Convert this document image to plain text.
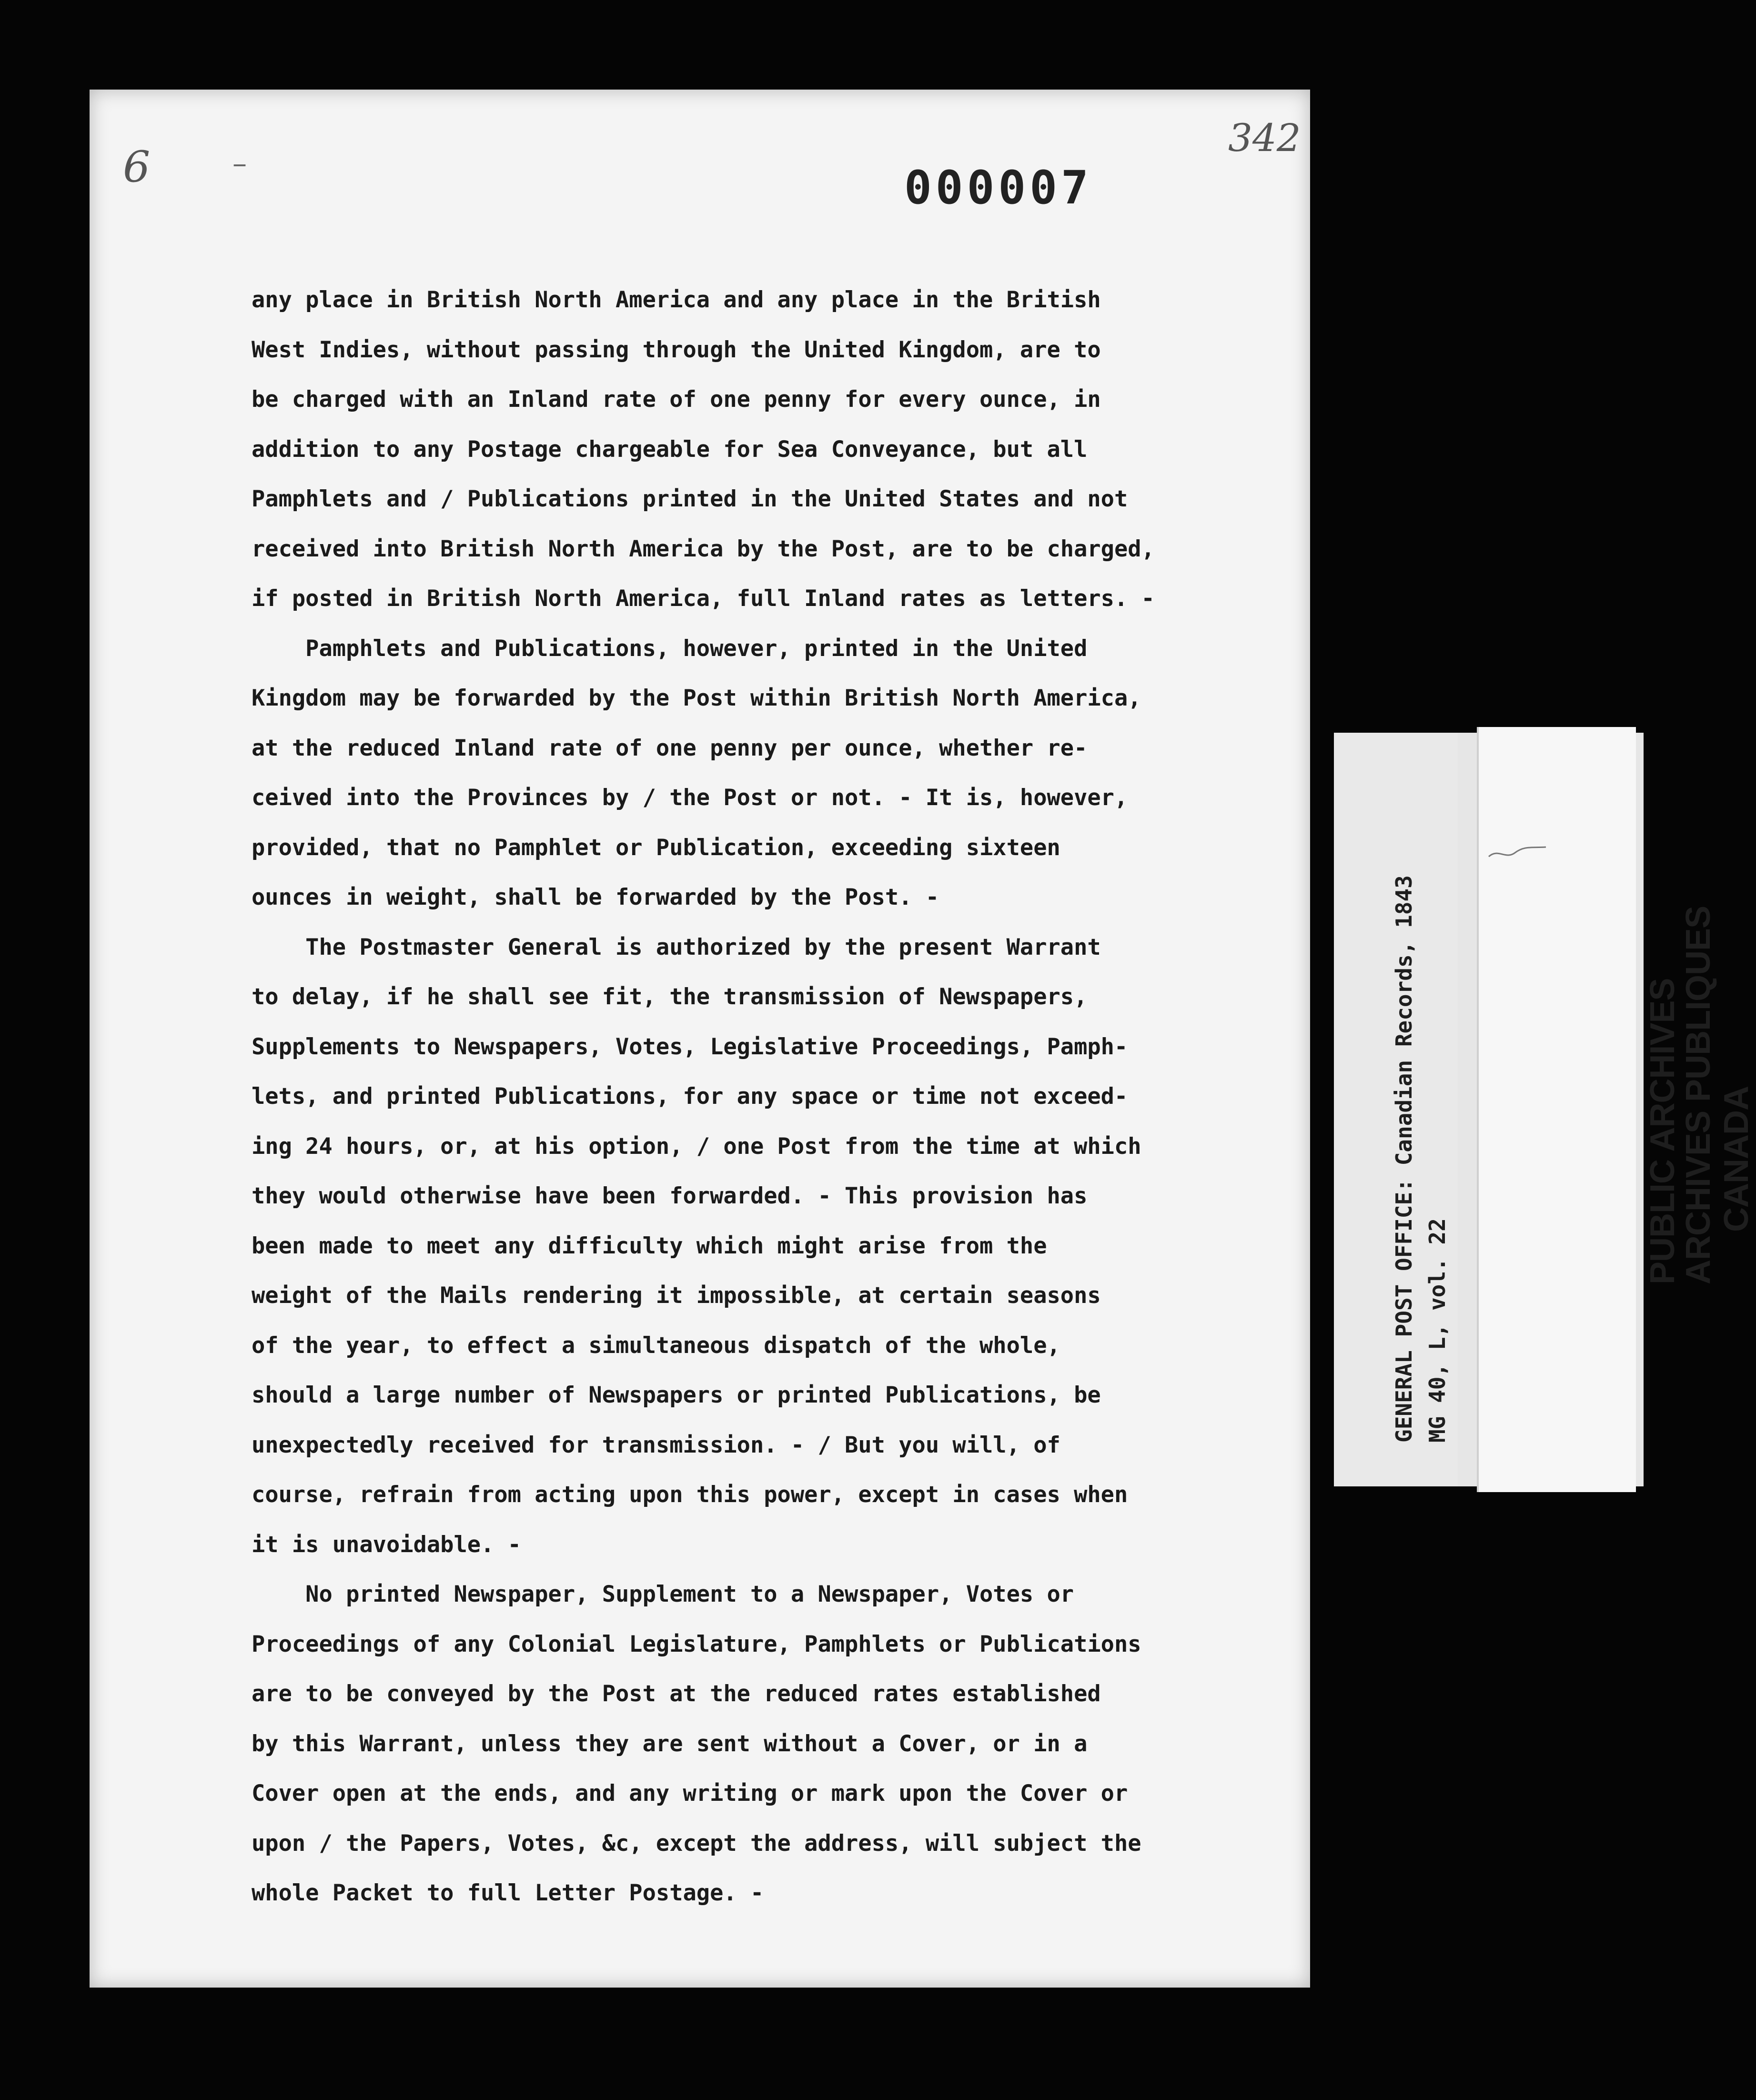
6	–
342
000007
any place in British North America and any place in the British
West Indies, without passing through the United Kingdom, are to
be charged with an Inland rate of one penny for every ounce, in
addition to any Postage chargeable for Sea Conveyance, but all
Pamphlets and / Publications printed in the United States and not
received into British North America by the Post, are to be charged,
if posted in British North America, full Inland rates as letters. -
Pamphlets and Publications, however, printed in the United
Kingdom may be forwarded by the Post within British North America,
at the reduced Inland rate of one penny per ounce, whether re-
ceived into the Provinces by / the Post or not. - It is, however,
provided, that no Pamphlet or Publication, exceeding sixteen
ounces in weight, shall be forwarded by the Post. -
The Postmaster General is authorized by the present Warrant
to delay, if he shall see fit, the transmission of Newspapers,
Supplements to Newspapers, Votes, Legislative Proceedings, Pamph-
lets, and printed Publications, for any space or time not exceed-
ing 24 hours, or, at his option, / one Post from the time at which
they would otherwise have been forwarded. - This provision has
been made to meet any difficulty which might arise from the
weight of the Mails rendering it impossible, at certain seasons
of the year, to effect a simultaneous dispatch of the whole,
should a large number of Newspapers or printed Publications, be
unexpectedly received for transmission. - / But you will, of
course, refrain from acting upon this power, except in cases when
it is unavoidable. -
No printed Newspaper, Supplement to a Newspaper, Votes or
Proceedings of any Colonial Legislature, Pamphlets or Publications
are to be conveyed by the Post at the reduced rates established
by this Warrant, unless they are sent without a Cover, or in a
Cover open at the ends, and any writing or mark upon the Cover or
upon / the Papers, Votes, &c, except the address, will subject the
whole Packet to full Letter Postage. -
GENERAL POST OFFICE: Canadian Records, 1843 MG 40, L, vol. 22
PUBLIC ARCHIVES
ARCHIVES PUBLIQUES CANADA
